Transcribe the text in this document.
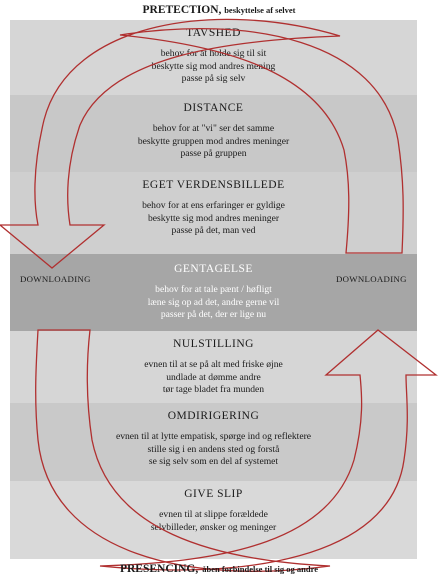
PRETECTION, beskyttelse af selvet
TAVSHED
behov for at holde sig til sit
beskytte sig mod andres mening
passe på sig selv
DISTANCE
behov for at "vi" ser det samme
beskytte gruppen mod andres meninger
passe på gruppen
EGET VERDENSBILLEDE
behov for at ens erfaringer er gyldige
beskytte sig mod andres meninger
passe på det, man ved
GENTAGELSE
behov for at tale pænt / høfligt
læne sig op ad det, andre gerne vil
passer på det, der er lige nu
NULSTILLING
evnen til at se på alt med friske øjne
undlade at dømme andre
tør tage bladet fra munden
OMDIRIGERING
evnen til at lytte empatisk, spørge ind og reflektere
stille sig i en andens sted og forstå
se sig selv som en del af systemet
GIVE SLIP
evnen til at slippe forældede
selvbilleder, ønsker og meninger
DOWNLOADING	DOWNLOADING
PRESENCING, åben forbindelse til sig og andre
